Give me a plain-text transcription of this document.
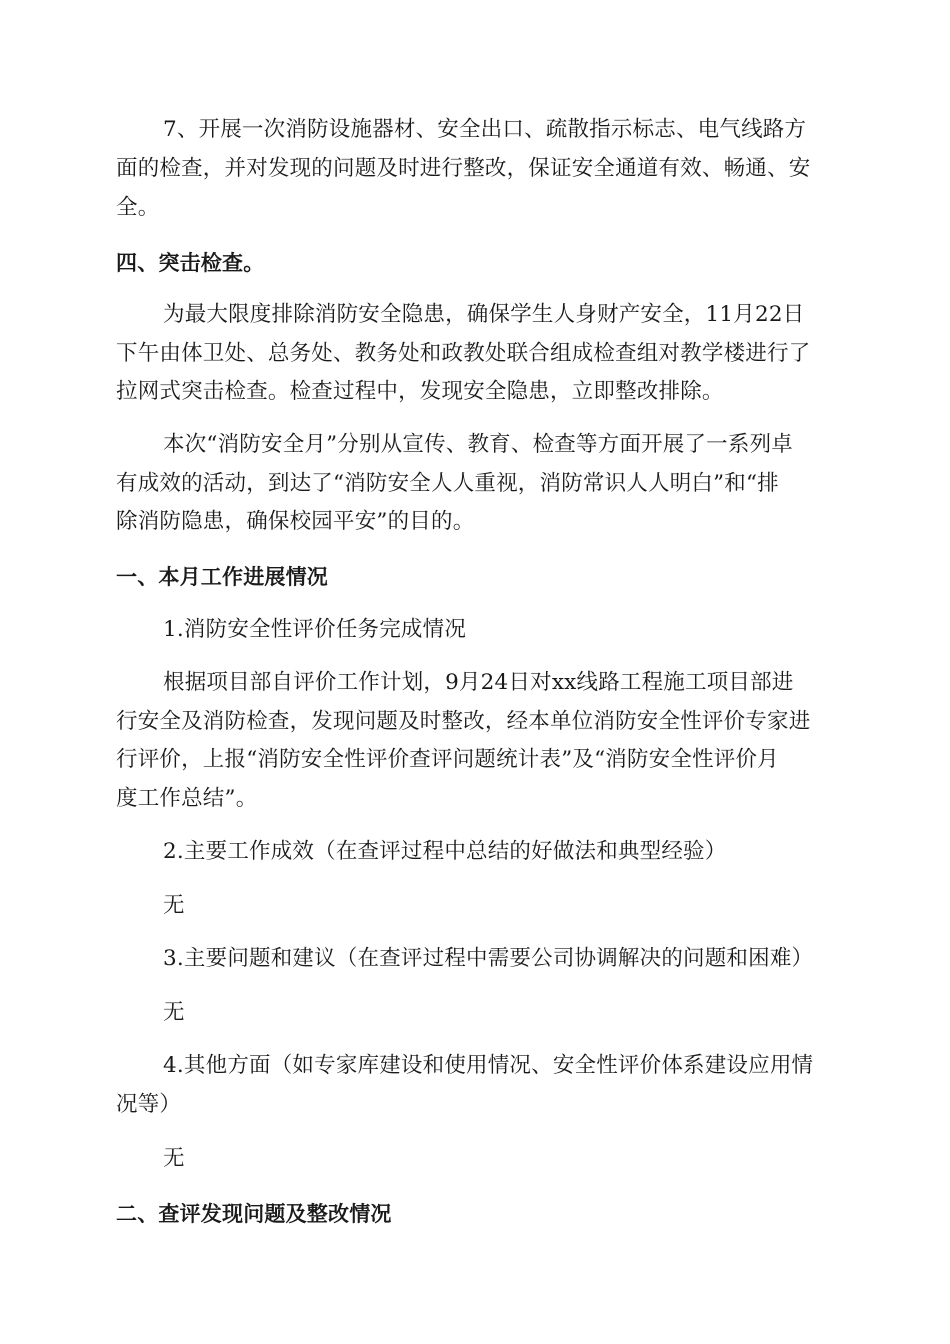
7、开展一次消防设施器材、安全出口、疏散指示标志、电气线路方
面的检查，并对发现的问题及时进行整改，保证安全通道有效、畅通、安
全。
四、突击检查。
为最大限度排除消防安全隐患，确保学生人身财产安全，11月22日
下午由体卫处、总务处、教务处和政教处联合组成检查组对教学楼进行了
拉网式突击检查。检查过程中，发现安全隐患，立即整改排除。
本次“消防安全月”分别从宣传、教育、检查等方面开展了一系列卓
有成效的活动，到达了“消防安全人人重视，消防常识人人明白”和“排
除消防隐患，确保校园平安”的目的。
一、本月工作进展情况
1.消防安全性评价任务完成情况
根据项目部自评价工作计划，9月24日对xx线路工程施工项目部进
行安全及消防检查，发现问题及时整改，经本单位消防安全性评价专家进
行评价，上报“消防安全性评价查评问题统计表”及“消防安全性评价月
度工作总结”。
2.主要工作成效（在查评过程中总结的好做法和典型经验）
无
3.主要问题和建议（在查评过程中需要公司协调解决的问题和困难）
无
4.其他方面（如专家库建设和使用情况、安全性评价体系建设应用情
况等）
无
二、查评发现问题及整改情况
